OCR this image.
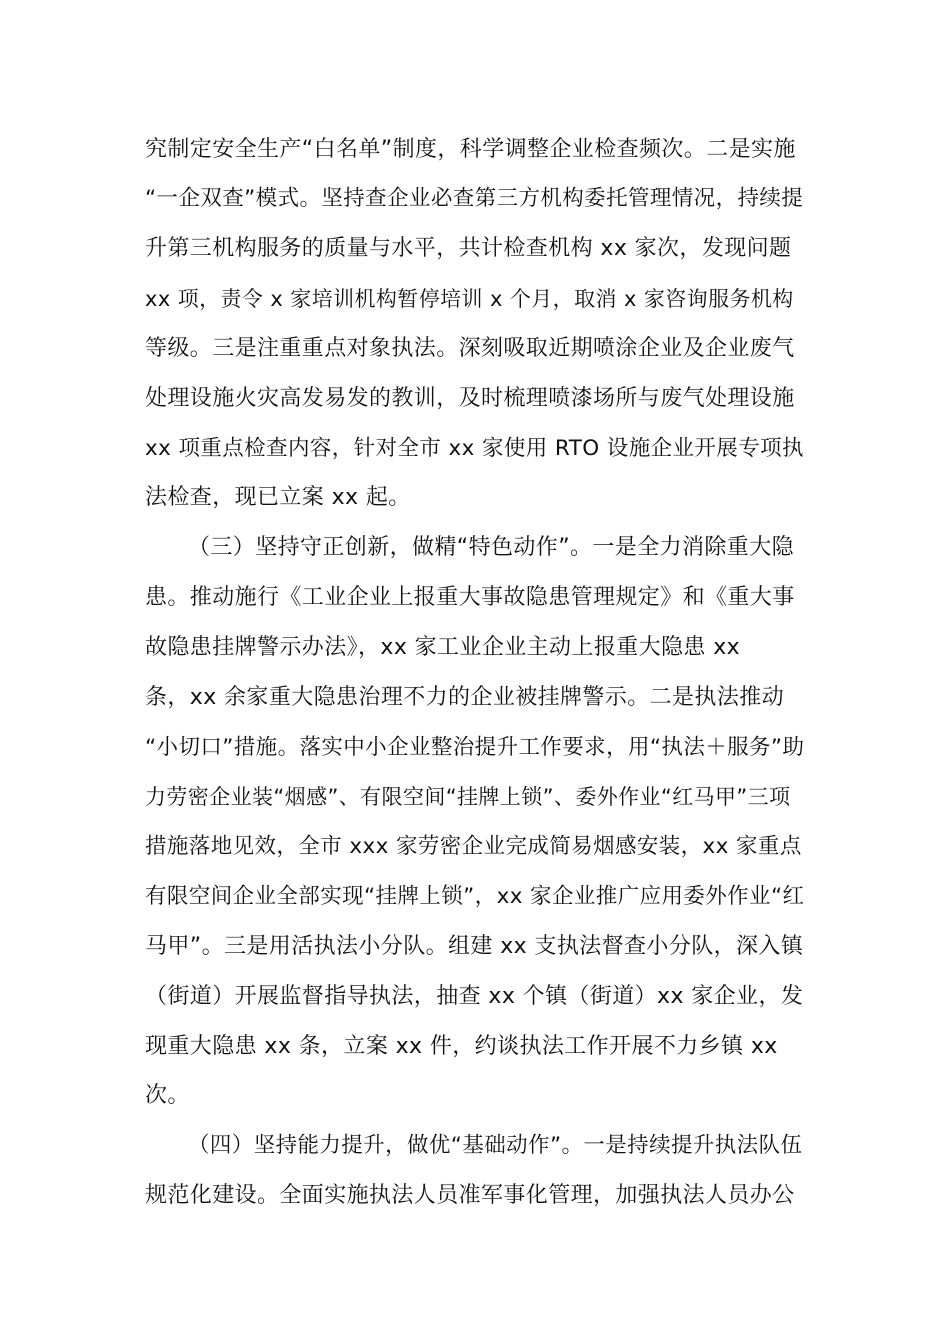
究制定安全生产“白名单”制度，科学调整企业检查频次。二是实施
“一企双查”模式。坚持查企业必查第三方机构委托管理情况，持续提
升第三机构服务的质量与水平，共计检查机构 xx 家次，发现问题
xx 项，责令 x 家培训机构暂停培训 x 个月，取消 x 家咨询服务机构
等级。三是注重重点对象执法。深刻吸取近期喷涂企业及企业废气
处理设施火灾高发易发的教训，及时梳理喷漆场所与废气处理设施
xx 项重点检查内容，针对全市 xx 家使用 RTO 设施企业开展专项执
法检查，现已立案 xx 起。
（三）坚持守正创新，做精“特色动作”。一是全力消除重大隐
患。推动施行《工业企业上报重大事故隐患管理规定》和《重大事
故隐患挂牌警示办法》，xx 家工业企业主动上报重大隐患 xx
条，xx 余家重大隐患治理不力的企业被挂牌警示。二是执法推动
“小切口”措施。落实中小企业整治提升工作要求，用“执法＋服务”助
力劳密企业装“烟感”、有限空间“挂牌上锁”、委外作业“红马甲”三项
措施落地见效，全市 xxx 家劳密企业完成简易烟感安装，xx 家重点
有限空间企业全部实现“挂牌上锁”，xx 家企业推广应用委外作业“红
马甲”。三是用活执法小分队。组建 xx 支执法督查小分队，深入镇
（街道）开展监督指导执法，抽查 xx 个镇（街道）xx 家企业，发
现重大隐患 xx 条，立案 xx 件，约谈执法工作开展不力乡镇 xx
次。
（四）坚持能力提升，做优“基础动作”。一是持续提升执法队伍
规范化建设。全面实施执法人员准军事化管理，加强执法人员办公
